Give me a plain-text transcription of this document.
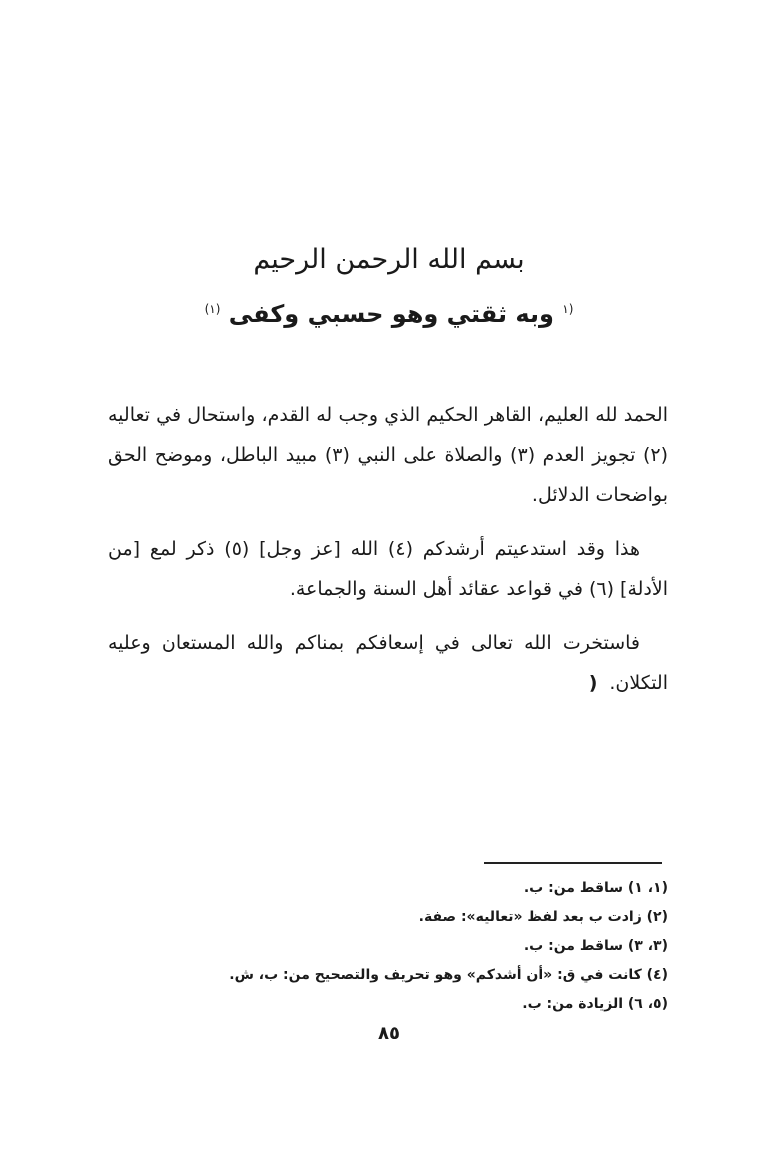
بسم الله الرحمن الرحيم
$^{(١}$ وبه ثقتي وهو حسبي وكفى $^{(١)}$

الحمد لله العليم، القاهر الحكيم الذي وجب له القدم، واستحال في تعاليه (٢) تجويز العدم (٣) والصلاة على النبي (٣) مبيد الباطل، وموضح الحق بواضحات الدلائل.

هذا وقد استدعيتم أرشدكم (٤) الله [عز وجل] (٥) ذكر لمع [من الأدلة] (٦) في قواعد عقائد أهل السنة والجماعة.

فاستخرت الله تعالى في إسعافكم بمناكم والله المستعان وعليه التكلان.(

(١، ١) ساقط من: ب.
(٢) زادت ب بعد لفظ «تعاليه»: صفة.
(٣، ٣) ساقط من: ب.
(٤) كانت في ق: «أن أشدكم» وهو تحريف والتصحيح من: ب، ش.
(٥، ٦) الزيادة من: ب.
٨٥
